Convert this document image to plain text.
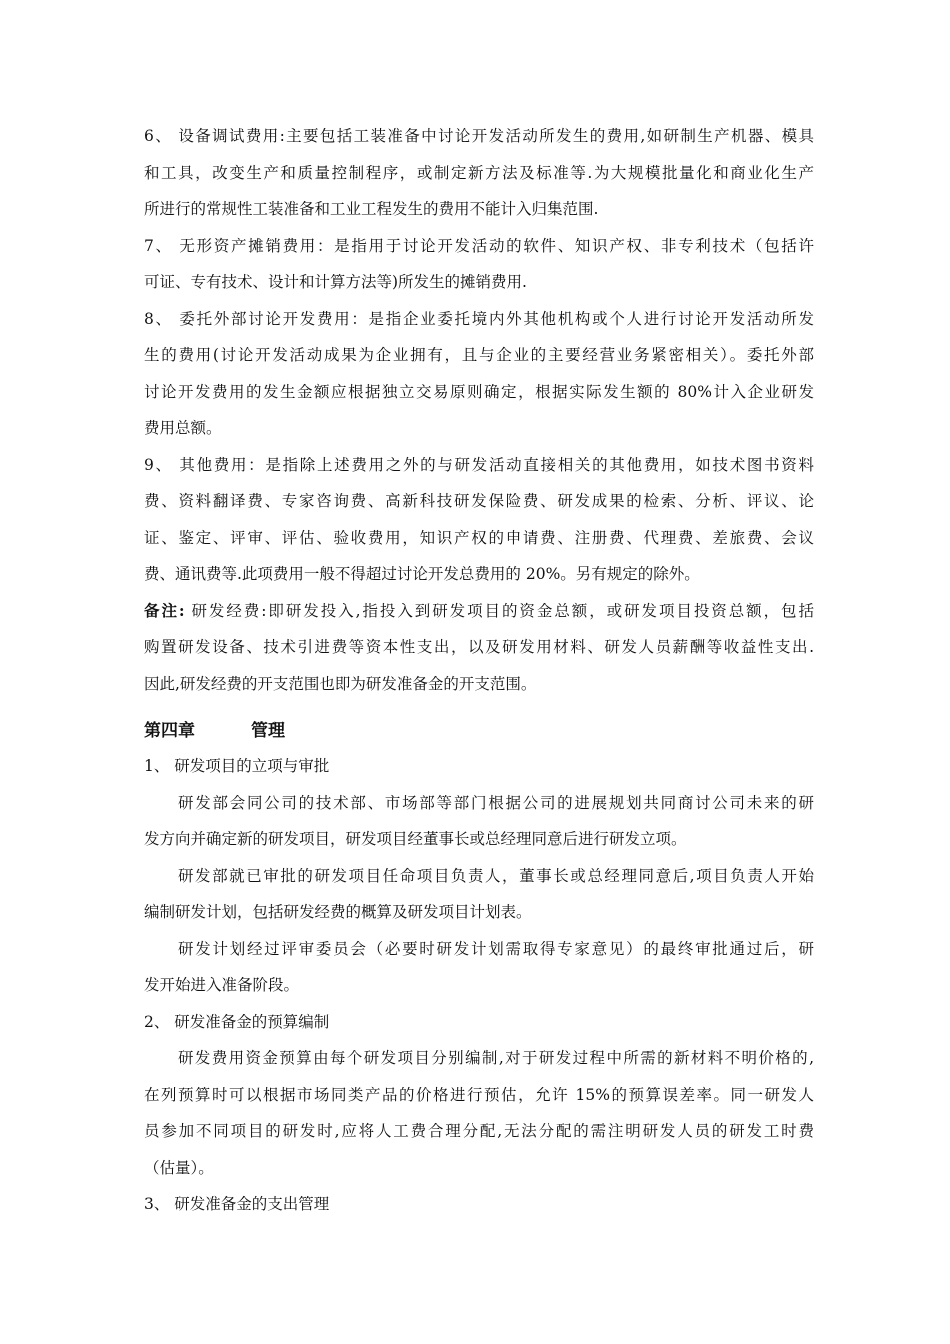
6、 设备调试费用:主要包括工装准备中讨论开发活动所发生的费用,如研制生产机器、模具
和工具，改变生产和质量控制程序，或制定新方法及标准等.为大规模批量化和商业化生产
所进行的常规性工装准备和工业工程发生的费用不能计入归集范围.
7、 无形资产摊销费用：是指用于讨论开发活动的软件、知识产权、非专利技术（包括许
可证、专有技术、设计和计算方法等)所发生的摊销费用.
8、 委托外部讨论开发费用：是指企业委托境内外其他机构或个人进行讨论开发活动所发
生的费用(讨论开发活动成果为企业拥有，且与企业的主要经营业务紧密相关）。委托外部
讨论开发费用的发生金额应根据独立交易原则确定，根据实际发生额的 80%计入企业研发
费用总额。
9、 其他费用：是指除上述费用之外的与研发活动直接相关的其他费用，如技术图书资料
费、资料翻译费、专家咨询费、高新科技研发保险费、研发成果的检索、分析、评议、论
证、鉴定、评审、评估、验收费用，知识产权的申请费、注册费、代理费、差旅费、会议
费、通讯费等.此项费用一般不得超过讨论开发总费用的 20%。另有规定的除外。
备注: 研发经费:即研发投入,指投入到研发项目的资金总额，或研发项目投资总额，包括
购置研发设备、技术引进费等资本性支出，以及研发用材料、研发人员薪酬等收益性支出.
因此,研发经费的开支范围也即为研发准备金的开支范围。
第四章	管理
1、 研发项目的立项与审批
研发部会同公司的技术部、市场部等部门根据公司的进展规划共同商讨公司未来的研
发方向并确定新的研发项目，研发项目经董事长或总经理同意后进行研发立项。
研发部就已审批的研发项目任命项目负责人，董事长或总经理同意后,项目负责人开始
编制研发计划，包括研发经费的概算及研发项目计划表。
研发计划经过评审委员会（必要时研发计划需取得专家意见）的最终审批通过后，研
发开始进入准备阶段。
2、 研发准备金的预算编制
研发费用资金预算由每个研发项目分别编制,对于研发过程中所需的新材料不明价格的,
在列预算时可以根据市场同类产品的价格进行预估，允许 15%的预算误差率。同一研发人
员参加不同项目的研发时,应将人工费合理分配,无法分配的需注明研发人员的研发工时费
（估量）。
3、 研发准备金的支出管理
